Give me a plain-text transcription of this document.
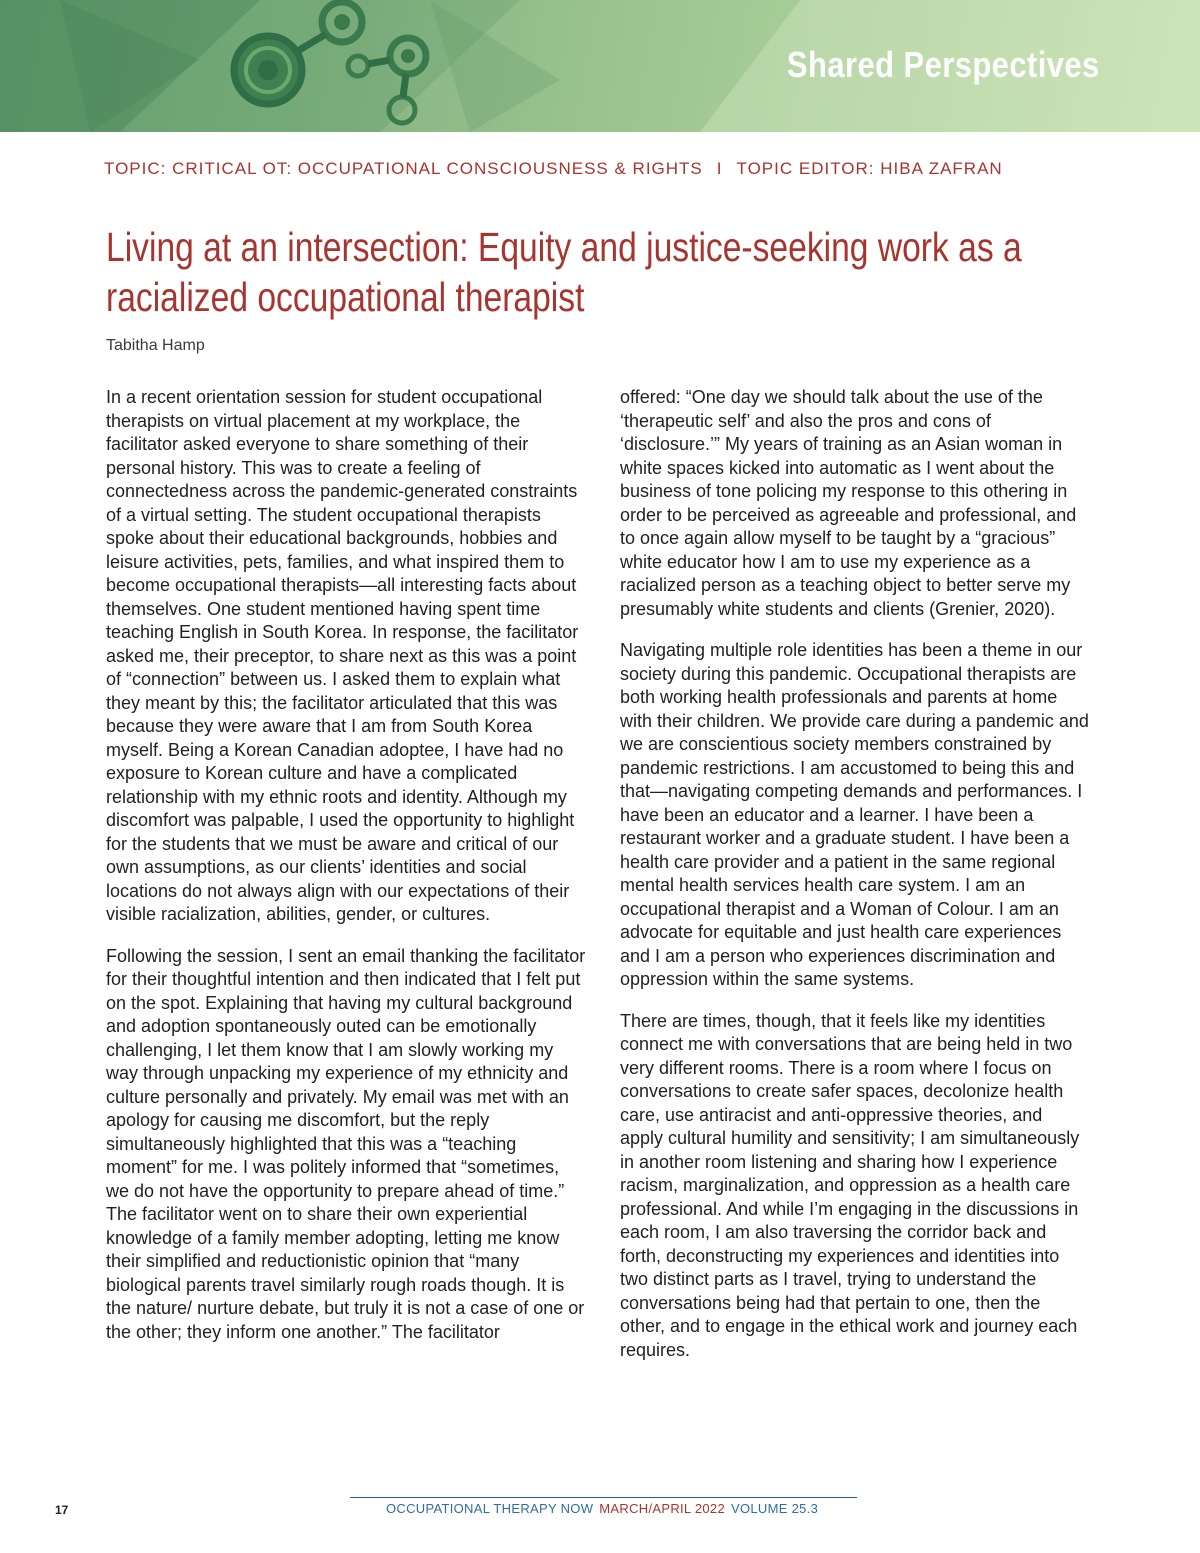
Shared Perspectives
TOPIC: CRITICAL OT: OCCUPATIONAL CONSCIOUSNESS & RIGHTS I TOPIC EDITOR: HIBA ZAFRAN
Living at an intersection: Equity and justice-seeking work as a racialized occupational therapist
Tabitha Hamp

In a recent orientation session for student occupational therapists on virtual placement at my workplace, the facilitator asked everyone to share something of their personal history. This was to create a feeling of connectedness across the pandemic-generated constraints of a virtual setting. The student occupational therapists spoke about their educational backgrounds, hobbies and leisure activities, pets, families, and what inspired them to become occupational therapists—all interesting facts about themselves. One student mentioned having spent time teaching English in South Korea. In response, the facilitator asked me, their preceptor, to share next as this was a point of “connection” between us. I asked them to explain what they meant by this; the facilitator articulated that this was because they were aware that I am from South Korea myself. Being a Korean Canadian adoptee, I have had no exposure to Korean culture and have a complicated relationship with my ethnic roots and identity. Although my discomfort was palpable, I used the opportunity to highlight for the students that we must be aware and critical of our own assumptions, as our clients’ identities and social locations do not always align with our expectations of their visible racialization, abilities, gender, or cultures.

Following the session, I sent an email thanking the facilitator for their thoughtful intention and then indicated that I felt put on the spot. Explaining that having my cultural background and adoption spontaneously outed can be emotionally challenging, I let them know that I am slowly working my way through unpacking my experience of my ethnicity and culture personally and privately. My email was met with an apology for causing me discomfort, but the reply simultaneously highlighted that this was a “teaching moment” for me. I was politely informed that “sometimes, we do not have the opportunity to prepare ahead of time.” The facilitator went on to share their own experiential knowledge of a family member adopting, letting me know their simplified and reductionistic opinion that “many biological parents travel similarly rough roads though. It is the nature/ nurture debate, but truly it is not a case of one or the other; they inform one another.” The facilitator

offered: “One day we should talk about the use of the ‘therapeutic self’ and also the pros and cons of ‘disclosure.’” My years of training as an Asian woman in white spaces kicked into automatic as I went about the business of tone policing my response to this othering in order to be perceived as agreeable and professional, and to once again allow myself to be taught by a “gracious” white educator how I am to use my experience as a racialized person as a teaching object to better serve my presumably white students and clients (Grenier, 2020).

Navigating multiple role identities has been a theme in our society during this pandemic. Occupational therapists are both working health professionals and parents at home with their children. We provide care during a pandemic and we are conscientious society members constrained by pandemic restrictions. I am accustomed to being this and that—navigating competing demands and performances. I have been an educator and a learner. I have been a restaurant worker and a graduate student. I have been a health care provider and a patient in the same regional mental health services health care system. I am an occupational therapist and a Woman of Colour. I am an advocate for equitable and just health care experiences and I am a person who experiences discrimination and oppression within the same systems.

There are times, though, that it feels like my identities connect me with conversations that are being held in two very different rooms. There is a room where I focus on conversations to create safer spaces, decolonize health care, use antiracist and anti-oppressive theories, and apply cultural humility and sensitivity; I am simultaneously in another room listening and sharing how I experience racism, marginalization, and oppression as a health care professional. And while I’m engaging in the discussions in each room, I am also traversing the corridor back and forth, deconstructing my experiences and identities into two distinct parts as I travel, trying to understand the conversations being had that pertain to one, then the other, and to engage in the ethical work and journey each requires.

17	OCCUPATIONAL THERAPY NOW MARCH/APRIL 2022 VOLUME 25.3
